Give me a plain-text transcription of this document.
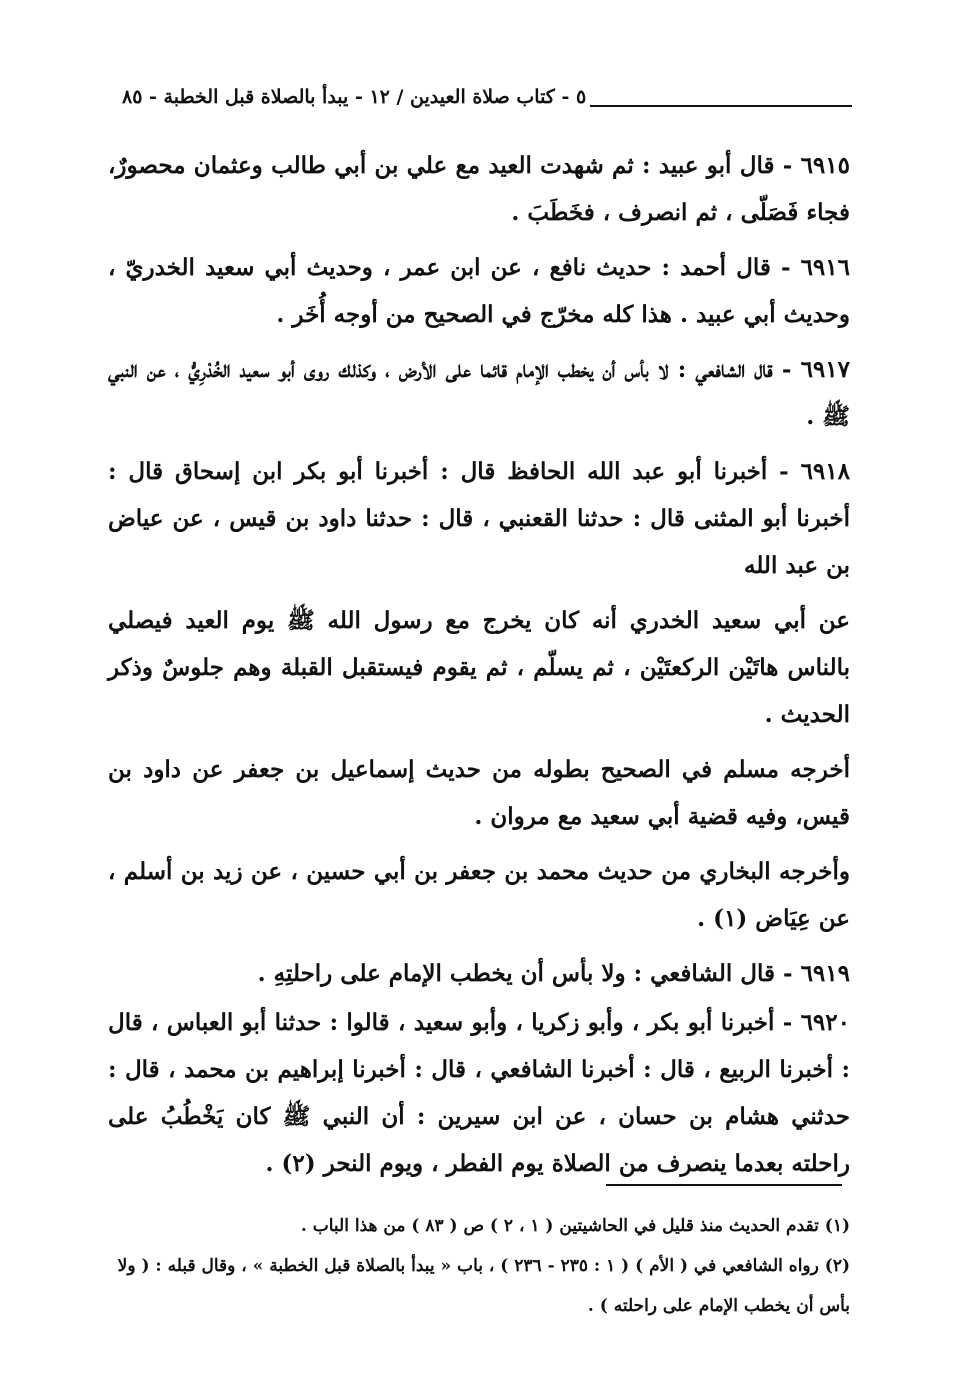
٥ - كتاب صلاة العيدين / ١٢ - يبدأ بالصلاة قبل الخطبة - ٨٥

٦٩١٥ - قال أبو عبيد : ثم شهدت العيد مع علي بن أبي طالب وعثمان محصورٌ، فجاء فَصَلّى ، ثم انصرف ، فخَطَبَ .

٦٩١٦ - قال أحمد : حديث نافع ، عن ابن عمر ، وحديث أبي سعيد الخدريّ ، وحديث أبي عبيد . هذا كله مخرّج في الصحيح من أوجه أُخَر .

٦٩١٧ - قال الشافعي : لا بأس أن يخطب الإمام قائما على الأرض ، وكذلك روى أبو سعيد الخُدْرِيُّ ، عن النبي ﷺ .

٦٩١٨ - أخبرنا أبو عبد الله الحافظ قال : أخبرنا أبو بكر ابن إسحاق قال : أخبرنا أبو المثنى قال : حدثنا القعنبي ، قال : حدثنا داود بن قيس ، عن عياض بن عبد الله

عن أبي سعيد الخدري أنه كان يخرج مع رسول الله ﷺ يوم العيد فيصلي بالناس هاتَيْن الركعتَيْن ، ثم يسلّم ، ثم يقوم فيستقبل القبلة وهم جلوسٌ وذكر الحديث .

أخرجه مسلم في الصحيح بطوله من حديث إسماعيل بن جعفر عن داود بن قيس، وفيه قضية أبي سعيد مع مروان .

وأخرجه البخاري من حديث محمد بن جعفر بن أبي حسين ، عن زيد بن أسلم ، عن عِيَاض (١) .

٦٩١٩ - قال الشافعي : ولا بأس أن يخطب الإمام على راحلتِهِ .

٦٩٢٠ - أخبرنا أبو بكر ، وأبو زكريا ، وأبو سعيد ، قالوا : حدثنا أبو العباس ، قال : أخبرنا الربيع ، قال : أخبرنا الشافعي ، قال : أخبرنا إبراهيم بن محمد ، قال : حدثني هشام بن حسان ، عن ابن سيرين : أن النبي ﷺ كان يَخْطُبُ على راحلته بعدما ينصرف من الصلاة يوم الفطر ، ويوم النحر (٢) .

(١) تقدم الحديث منذ قليل في الحاشيتين ( ١ ، ٢ ) ص ( ٨٣ ) من هذا الباب .

(٢) رواه الشافعي في ( الأم ) ( ١ : ٢٣٥ - ٢٣٦ ) ، باب « يبدأ بالصلاة قبل الخطبة » ، وقال قبله : ( ولا بأس أن يخطب الإمام على راحلته ) .
